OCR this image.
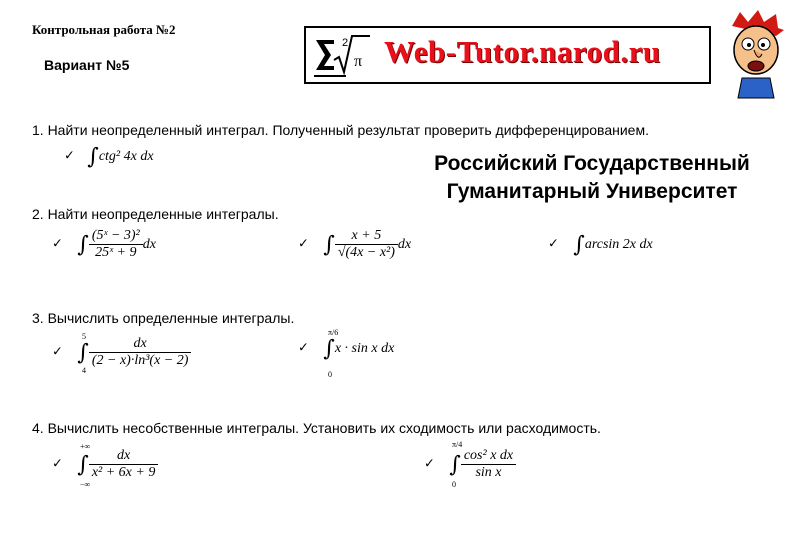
Контрольная работа №2
Вариант №5
2
π Web-Tutor.narod.ru
1. Найти неопределенный интеграл. Полученный результат проверить дифференцированием.
✓ ∫ctg² 4x dx	Российский Государственный
Гуманитарный Университет
2. Найти неопределенные интегралы.
✓ ∫ $\frac{\text{(5ˣ − 3)²}}{\text{25ˣ + 9}}$ dx	✓ ∫ $\frac{x + 5}{\text{√(4x − x²)}}$ dx	✓ ∫arcsin 2x dx
3. Вычислить определенные интегралы.
✓
5
4
∫ $\frac{dx}{\text{(2 − x)·ln³(x − 2)}}$	✓
π/6
0
∫x · sin x dx
4. Вычислить несобственные интегралы. Установить их сходимость или расходимость.
✓
+∞
−∞
∫ $\frac{dx}{\text{x² + 6x + 9}}$	✓
π/4
0
∫ $\frac{\text{cos² x dx}}{\text{sin x}}$
